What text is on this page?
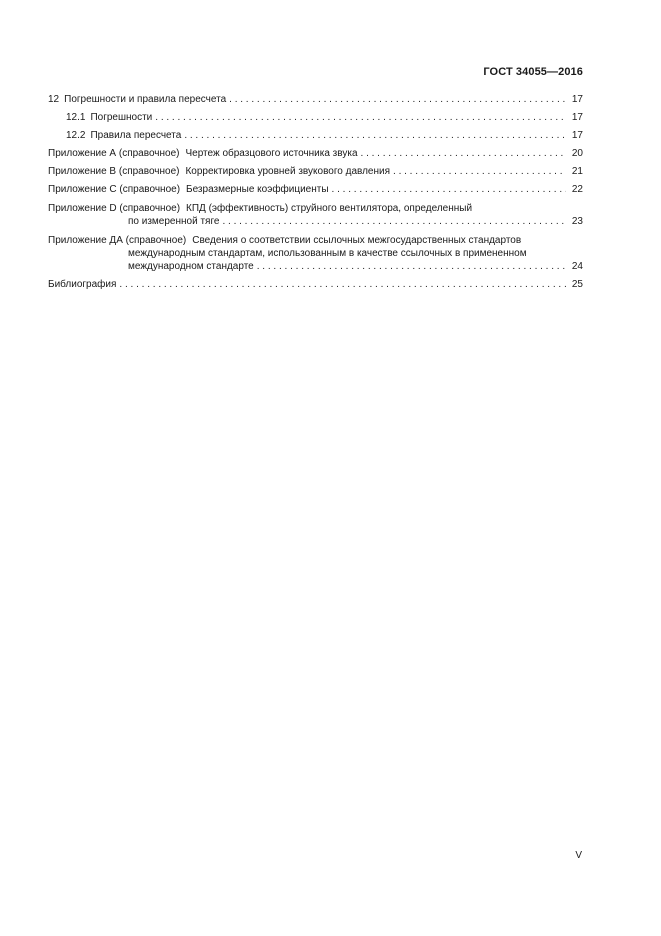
ГОСТ 34055—2016
12 Погрешности и правила пересчета . . .	17
12.1 Погрешности . . .	17
12.2 Правила пересчета . . .	17
Приложение А (справочное) Чертеж образцового источника звука . . .	20
Приложение В (справочное) Корректировка уровней звукового давления . . .	21
Приложение С (справочное) Безразмерные коэффициенты . . .	22
Приложение D (справочное) КПД (эффективность) струйного вентилятора, определенный
по измеренной тяге . . .	23
Приложение ДА (справочное) Сведения о соответствии ссылочных межгосударственных стандартов
международным стандартам, использованным в качестве ссылочных в примененном
международном стандарте . . .	24
Библиография . . .	25
V
